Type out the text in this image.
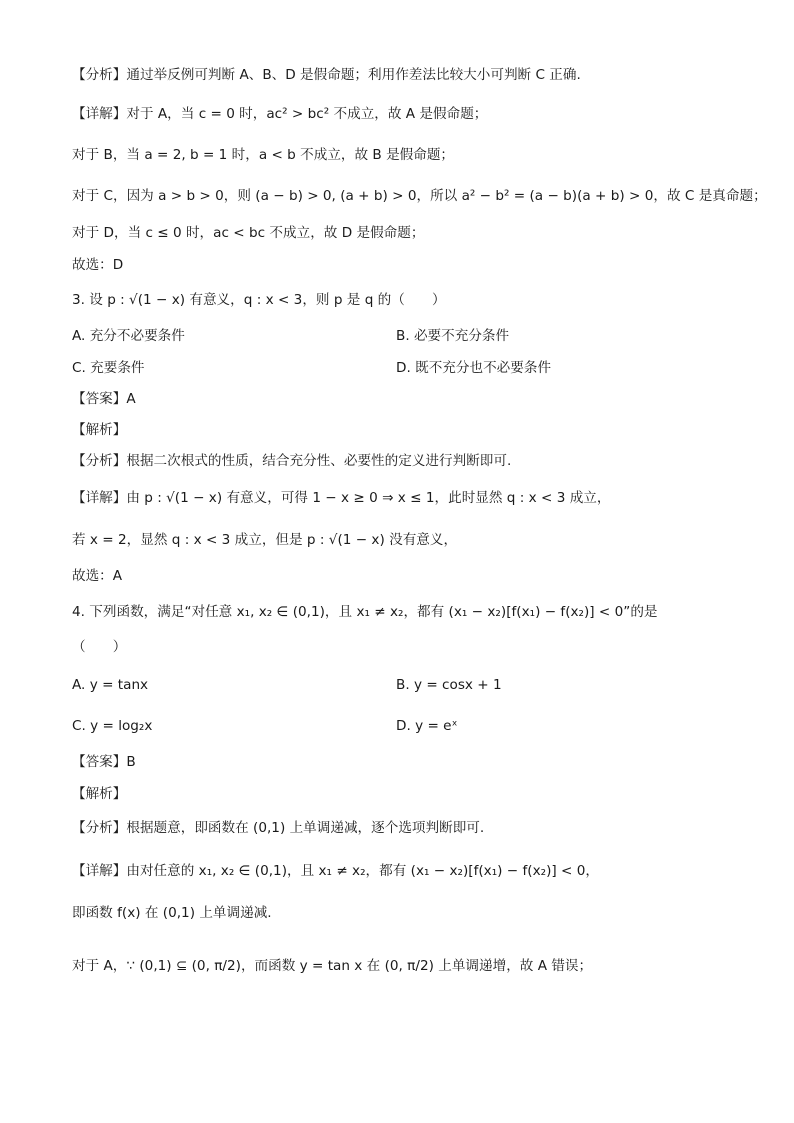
【分析】通过举反例可判断 A、B、D 是假命题；利用作差法比较大小可判断 C 正确.
【详解】对于 A，当 c = 0 时，ac² > bc² 不成立，故 A 是假命题；
对于 B，当 a = 2, b = 1 时，a < b 不成立，故 B 是假命题；
对于 C，因为 a > b > 0，则 (a − b) > 0, (a + b) > 0，所以 a² − b² = (a − b)(a + b) > 0，故 C 是真命题；
对于 D，当 c ≤ 0 时，ac < bc 不成立，故 D 是假命题；
故选：D
3. 设 p : √(1 − x) 有意义，q : x < 3，则 p 是 q 的（　　）
A. 充分不必要条件	B. 必要不充分条件
C. 充要条件	D. 既不充分也不必要条件
【答案】A
【解析】
【分析】根据二次根式的性质，结合充分性、必要性的定义进行判断即可.
【详解】由 p : √(1 − x) 有意义，可得 1 − x ≥ 0 ⇒ x ≤ 1，此时显然 q : x < 3 成立，
若 x = 2，显然 q : x < 3 成立，但是 p : √(1 − x) 没有意义，
故选：A
4. 下列函数，满足“对任意 x₁, x₂ ∈ (0,1)，且 x₁ ≠ x₂，都有 (x₁ − x₂)[f(x₁) − f(x₂)] < 0”的是
（　　）
A. y = tanx	B. y = cosx + 1
C. y = log₂x	D. y = eˣ
【答案】B
【解析】
【分析】根据题意，即函数在 (0,1) 上单调递减，逐个选项判断即可.
【详解】由对任意的 x₁, x₂ ∈ (0,1)，且 x₁ ≠ x₂，都有 (x₁ − x₂)[f(x₁) − f(x₂)] < 0，
即函数 f(x) 在 (0,1) 上单调递减.
对于 A，∵ (0,1) ⊆ (0, π/2)，而函数 y = tan x 在 (0, π/2) 上单调递增，故 A 错误；
